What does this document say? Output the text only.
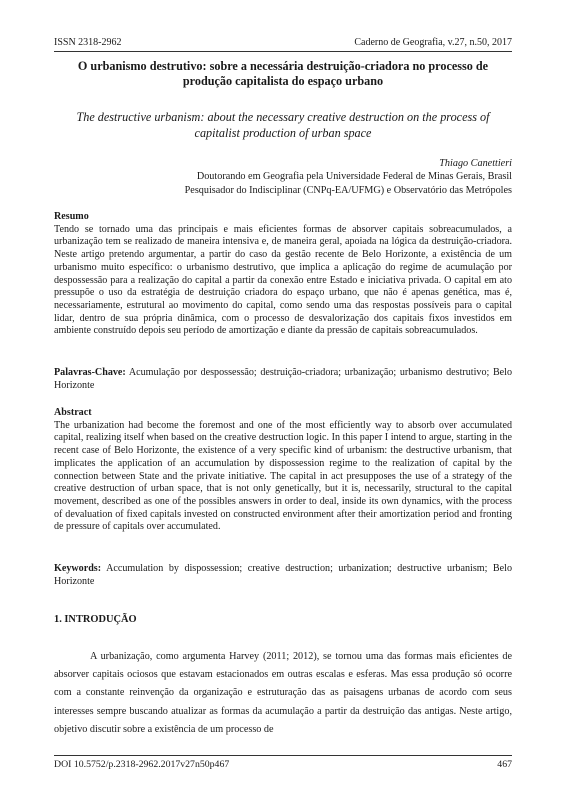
ISSN 2318-2962	Caderno de Geografia, v.27, n.50, 2017
O urbanismo destrutivo: sobre a necessária destruição-criadora no processo de produção capitalista do espaço urbano
The destructive urbanism: about the necessary creative destruction on the process of capitalist production of urban space
Thiago Canettieri
Doutorando em Geografia pela Universidade Federal de Minas Gerais, Brasil
Pesquisador do Indisciplinar (CNPq-EA/UFMG) e Observatório das Metrópoles
Resumo
Tendo se tornado uma das principais e mais eficientes formas de absorver capitais sobreacumulados, a urbanização tem se realizado de maneira intensiva e, de maneira geral, apoiada na lógica da destruição-criadora. Neste artigo pretendo argumentar, a partir do caso da gestão recente de Belo Horizonte, a existência de um urbanismo muito específico: o urbanismo destrutivo, que implica a aplicação do regime de acumulação por despossessão para a realização do capital a partir da conexão entre Estado e iniciativa privada. O capital em ato pressupõe o uso da estratégia de destruição criadora do espaço urbano, que não é apenas genética, mas é, necessariamente, estrutural ao movimento do capital, como sendo uma das respostas possíveis para o capital lidar, dentro de sua própria dinâmica, com o processo de desvalorização dos capitais fixos investidos em ambiente construído depois seu período de amortização e diante da pressão de capitais sobreacumulados.
Palavras-Chave: Acumulação por despossessão; destruição-criadora; urbanização; urbanismo destrutivo; Belo Horizonte
Abstract
The urbanization had become the foremost and one of the most efficiently way to absorb over accumulated capital, realizing itself when based on the creative destruction logic. In this paper I intend to argue, starting in the recent case of Belo Horizonte, the existence of a very specific kind of urbanism: the destructive urbanism, that implicates the application of an accumulation by dispossession regime to the realization of capital by the connection between State and the private initiative. The capital in act presupposes the use of a strategy of the creative destruction of urban space, that is not only genetically, but it is, necessarily, structural to the capital movement, described as one of the possibles answers in order to deal, inside its own dynamics, with the process of devaluation of fixed capitals invested on constructed environment after their amortization period and fronting de pressure of capitals over accumulated.
Keywords: Accumulation by dispossession; creative destruction; urbanization; destructive urbanism; Belo Horizonte
1. INTRODUÇÃO
A urbanização, como argumenta Harvey (2011; 2012), se tornou uma das formas mais eficientes de absorver capitais ociosos que estavam estacionados em outras escalas e esferas. Mas essa produção só ocorre com a constante reinvenção da organização e estruturação das as paisagens urbanas de acordo com seus interesses sempre buscando atualizar as formas da acumulação a partir da destruição das antigas. Neste artigo, objetivo discutir sobre a existência de um processo de
DOI 10.5752/p.2318-2962.2017v27n50p467	467
